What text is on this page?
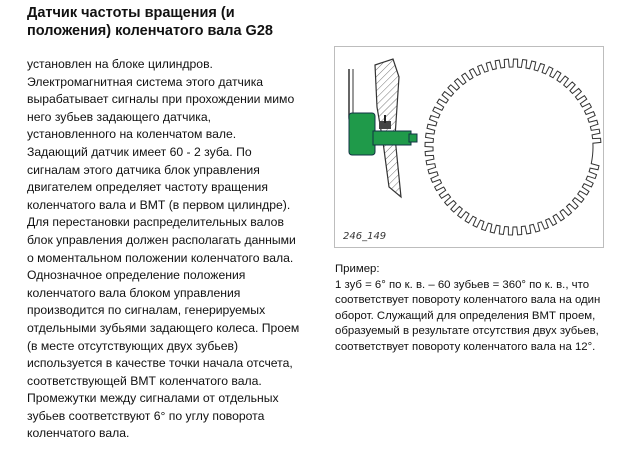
Датчик частоты вращения (и
положения) коленчатого вала G28
установлен на блоке цилиндров.
Электромагнитная система этого датчика
вырабатывает сигналы при прохождении мимо
него зубьев задающего датчика,
установленного на коленчатом вале.
Задающий датчик имеет 60 - 2 зуба. По
сигналам этого датчика блок управления
двигателем определяет частоту вращения
коленчатого вала и ВМТ (в первом цилиндре).
Для перестановки распределительных валов
блок управления должен располагать данными
о моментальном положении коленчатого вала.
Однозначное определение положения
коленчатого вала блоком управления
производится по сигналам, генерируемых
отдельными зубьями задающего колеса. Проем
(в месте отсутствующих двух зубьев)
используется в качестве точки начала отсчета,
соответствующей ВМТ коленчатого вала.
Промежутки между сигналами от отдельных
зубьев соответствуют 6° по углу поворота
коленчатого вала.
246_149
Пример:
1 зуб = 6° по к. в. – 60 зубьев = 360° по к. в., что
соответствует повороту коленчатого вала на один
оборот. Служащий для определения ВМТ проем,
образуемый в результате отсутствия двух зубьев,
соответствует повороту коленчатого вала на 12°.
